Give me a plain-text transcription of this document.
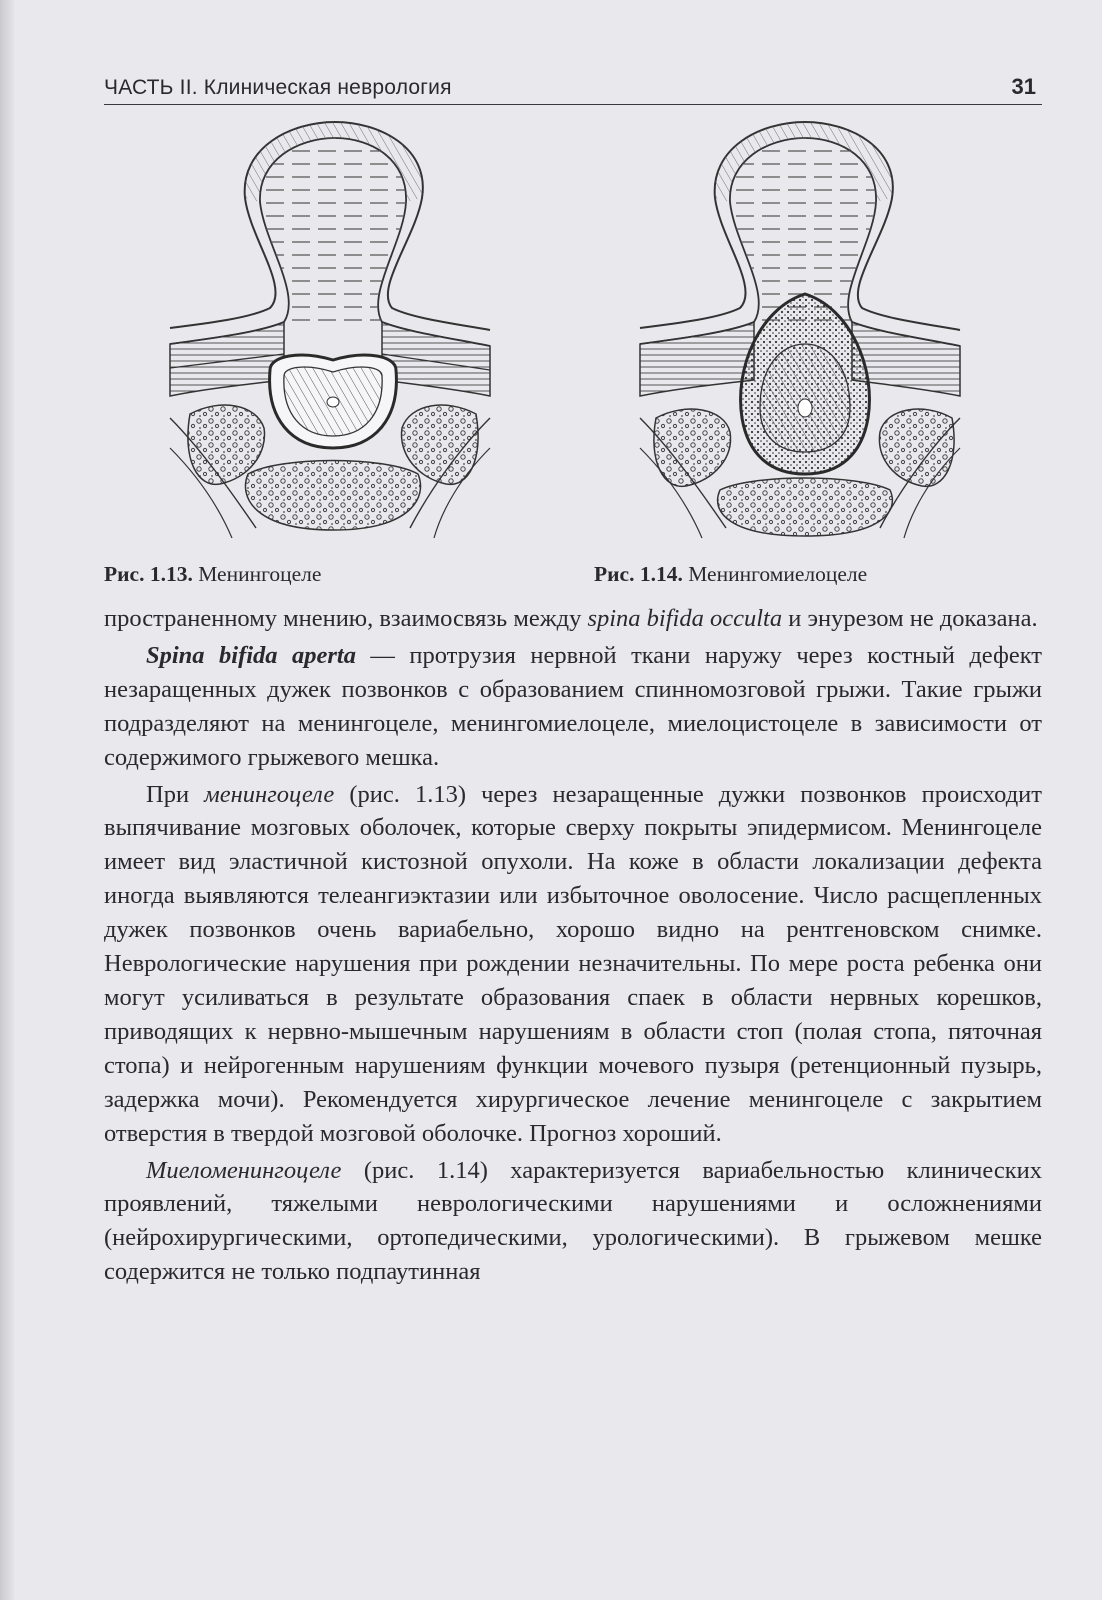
ЧАСТЬ II. Клиническая неврология	31
Рис. 1.13. Менингоцеле	Рис. 1.14. Менингомиелоцеле

пространенному мнению, взаимосвязь между spina bifida occulta и энурезом не доказана.

Spina bifida aperta — протрузия нервной ткани наружу через костный дефект незаращенных дужек позвонков с образованием спинномозговой грыжи. Такие грыжи подразделяют на менингоцеле, менингомиелоцеле, миелоцистоцеле в зависимости от содержимого грыжевого мешка.

При менингоцеле (рис. 1.13) через незаращенные дужки позвонков происходит выпячивание мозговых оболочек, которые сверху покрыты эпидермисом. Менингоцеле имеет вид эластичной кистозной опухоли. На коже в области локализации дефекта иногда выявляются телеангиэктазии или избыточное оволосение. Число расщепленных дужек позвонков очень вариабельно, хорошо видно на рентгеновском снимке. Неврологические нарушения при рождении незначительны. По мере роста ребенка они могут усиливаться в результате образования спаек в области нервных корешков, приводящих к нервно-мышечным нарушениям в области стоп (полая стопа, пяточная стопа) и нейрогенным нарушениям функции мочевого пузыря (ретенционный пузырь, задержка мочи). Рекомендуется хирургическое лечение менингоцеле с закрытием отверстия в твердой мозговой оболочке. Прогноз хороший.

Миеломенингоцеле (рис. 1.14) характеризуется вариабельностью клинических проявлений, тяжелыми неврологическими нарушениями и осложнениями (нейрохирургическими, ортопедическими, урологическими). В грыжевом мешке содержится не только подпаутинная
